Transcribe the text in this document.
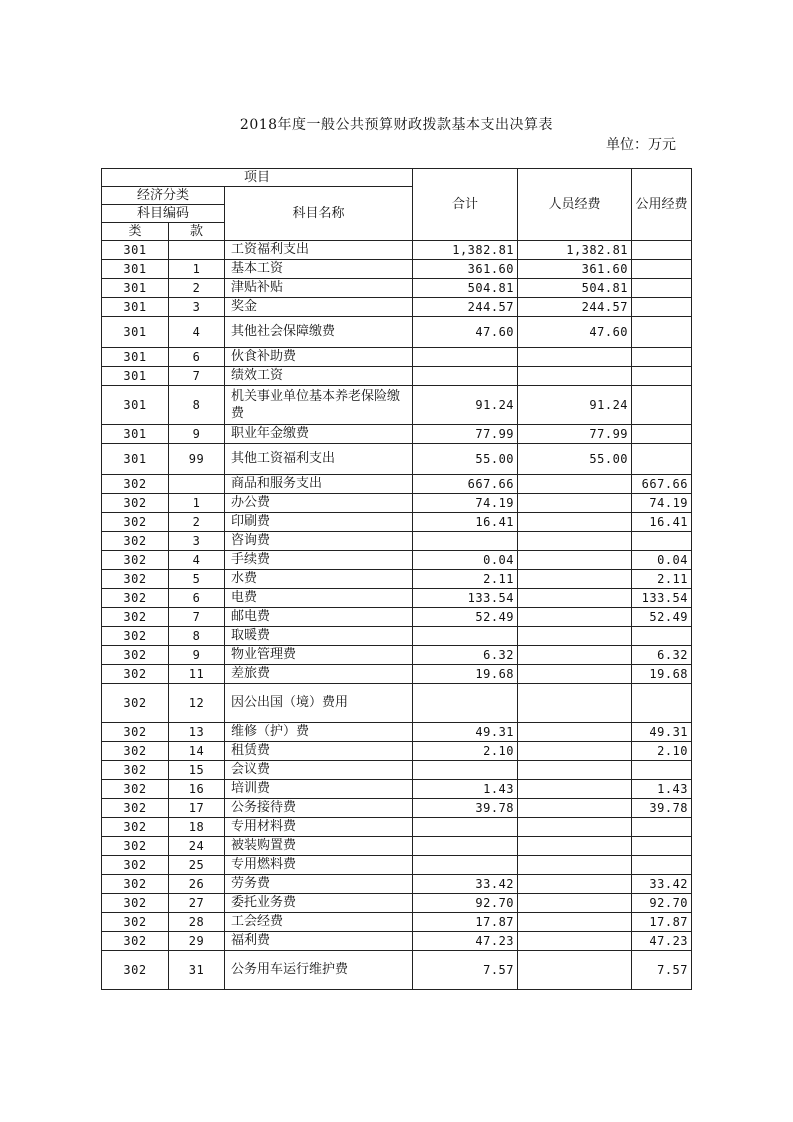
2018年度一般公共预算财政拨款基本支出决算表
单位：万元
项目			合计	人员经费	公用经费
经济分类		科目名称			
科目编码					
类	款				
301		工资福利支出	1,382.81	1,382.81	
301	1	基本工资	361.60	361.60	
301	2	津贴补贴	504.81	504.81	
301	3	奖金	244.57	244.57	
301	4	其他社会保障缴费	47.60	47.60	
301	6	伙食补助费			
301	7	绩效工资			
301	8	机关事业单位基本养老保险缴费	91.24	91.24	
301	9	职业年金缴费	77.99	77.99	
301	99	其他工资福利支出	55.00	55.00	
302		商品和服务支出	667.66		667.66
302	1	办公费	74.19		74.19
302	2	印刷费	16.41		16.41
302	3	咨询费			
302	4	手续费	0.04		0.04
302	5	水费	2.11		2.11
302	6	电费	133.54		133.54
302	7	邮电费	52.49		52.49
302	8	取暖费			
302	9	物业管理费	6.32		6.32
302	11	差旅费	19.68		19.68
302	12	因公出国（境）费用			
302	13	维修（护）费	49.31		49.31
302	14	租赁费	2.10		2.10
302	15	会议费			
302	16	培训费	1.43		1.43
302	17	公务接待费	39.78		39.78
302	18	专用材料费			
302	24	被装购置费			
302	25	专用燃料费			
302	26	劳务费	33.42		33.42
302	27	委托业务费	92.70		92.70
302	28	工会经费	17.87		17.87
302	29	福利费	47.23		47.23
302	31	公务用车运行维护费	7.57		7.57
